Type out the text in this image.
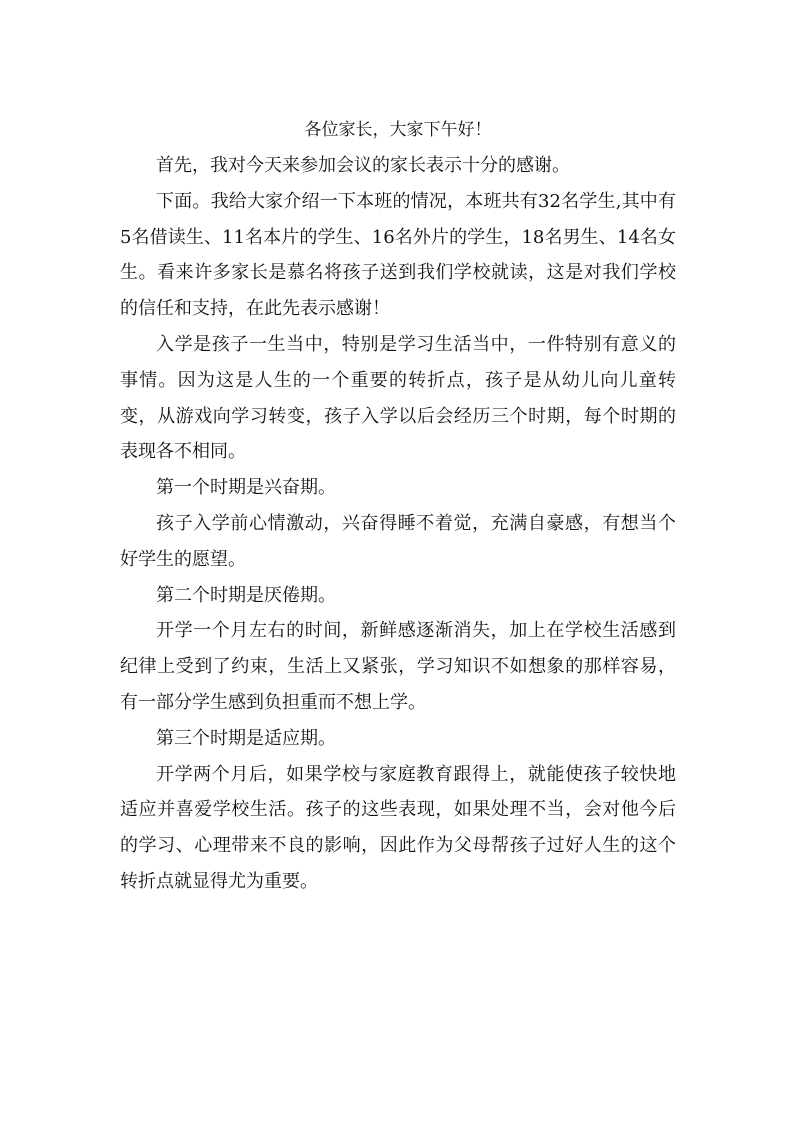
各位家长，大家下午好！

首先，我对今天来参加会议的家长表示十分的感谢。

下面。我给大家介绍一下本班的情况，本班共有32名学生,其中有5名借读生、11名本片的学生、16名外片的学生，18名男生、14名女生。看来许多家长是慕名将孩子送到我们学校就读，这是对我们学校的信任和支持，在此先表示感谢！

入学是孩子一生当中，特别是学习生活当中，一件特别有意义的事情。因为这是人生的一个重要的转折点，孩子是从幼儿向儿童转变，从游戏向学习转变，孩子入学以后会经历三个时期，每个时期的表现各不相同。

第一个时期是兴奋期。

孩子入学前心情激动，兴奋得睡不着觉，充满自豪感，有想当个好学生的愿望。

第二个时期是厌倦期。

开学一个月左右的时间，新鲜感逐渐消失，加上在学校生活感到纪律上受到了约束，生活上又紧张，学习知识不如想象的那样容易，有一部分学生感到负担重而不想上学。

第三个时期是适应期。

开学两个月后，如果学校与家庭教育跟得上，就能使孩子较快地适应并喜爱学校生活。孩子的这些表现，如果处理不当，会对他今后的学习、心理带来不良的影响，因此作为父母帮孩子过好人生的这个转折点就显得尤为重要。
